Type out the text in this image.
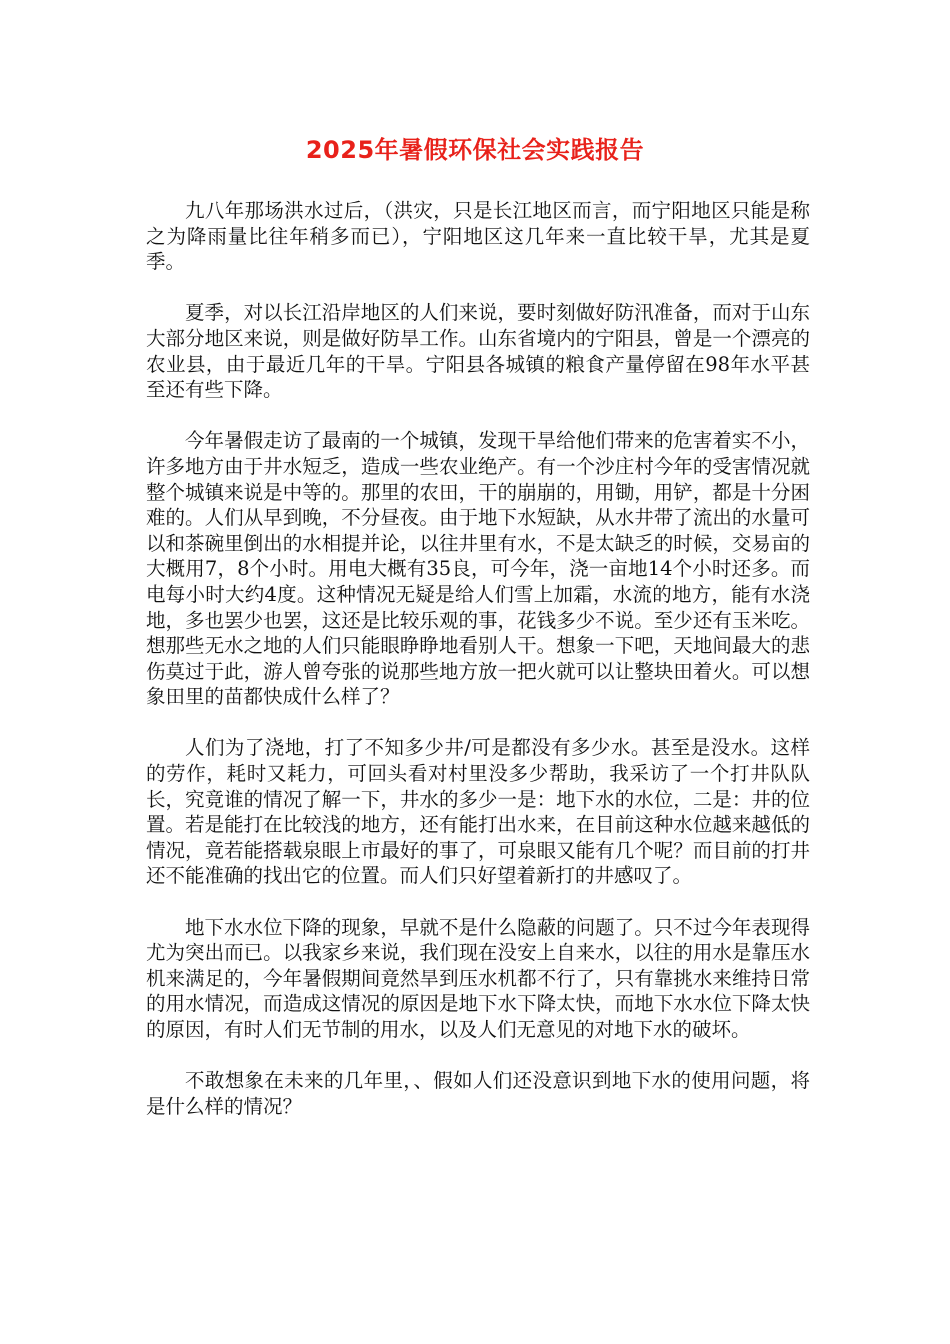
2025年暑假环保社会实践报告

九八年那场洪水过后，（洪灾，只是长江地区而言，而宁阳地区只能是称之为降雨量比往年稍多而已），宁阳地区这几年来一直比较干旱，尤其是夏季。

夏季，对以长江沿岸地区的人们来说，要时刻做好防汛准备，而对于山东大部分地区来说，则是做好防旱工作。山东省境内的宁阳县，曾是一个漂亮的农业县，由于最近几年的干旱。宁阳县各城镇的粮食产量停留在98年水平甚至还有些下降。

今年暑假走访了最南的一个城镇，发现干旱给他们带来的危害着实不小，许多地方由于井水短乏，造成一些农业绝产。有一个沙庄村今年的受害情况就整个城镇来说是中等的。那里的农田，干的崩崩的，用锄，用铲，都是十分困难的。人们从早到晚，不分昼夜。由于地下水短缺，从水井带了流出的水量可以和茶碗里倒出的水相提并论，以往井里有水，不是太缺乏的时候，交易亩的大概用7，8个小时。用电大概有35良，可今年，浇一亩地14个小时还多。而电每小时大约4度。这种情况无疑是给人们雪上加霜，水流的地方，能有水浇地，多也罢少也罢，这还是比较乐观的事，花钱多少不说。至少还有玉米吃。想那些无水之地的人们只能眼睁睁地看别人干。想象一下吧，天地间最大的悲伤莫过于此，游人曾夸张的说那些地方放一把火就可以让整块田着火。可以想象田里的苗都快成什么样了？

人们为了浇地，打了不知多少井/可是都没有多少水。甚至是没水。这样的劳作，耗时又耗力，可回头看对村里没多少帮助，我采访了一个打井队队长，究竟谁的情况了解一下，井水的多少一是：地下水的水位，二是：井的位置。若是能打在比较浅的地方，还有能打出水来，在目前这种水位越来越低的情况，竟若能搭载泉眼上市最好的事了，可泉眼又能有几个呢？而目前的打井还不能准确的找出它的位置。而人们只好望着新打的井感叹了。

地下水水位下降的现象，早就不是什么隐蔽的问题了。只不过今年表现得尤为突出而已。以我家乡来说，我们现在没安上自来水，以往的用水是靠压水机来满足的，今年暑假期间竟然旱到压水机都不行了，只有靠挑水来维持日常的用水情况，而造成这情况的原因是地下水下降太快，而地下水水位下降太快的原因，有时人们无节制的用水，以及人们无意见的对地下水的破坏。

不敢想象在未来的几年里，、假如人们还没意识到地下水的使用问题，将是什么样的情况？
